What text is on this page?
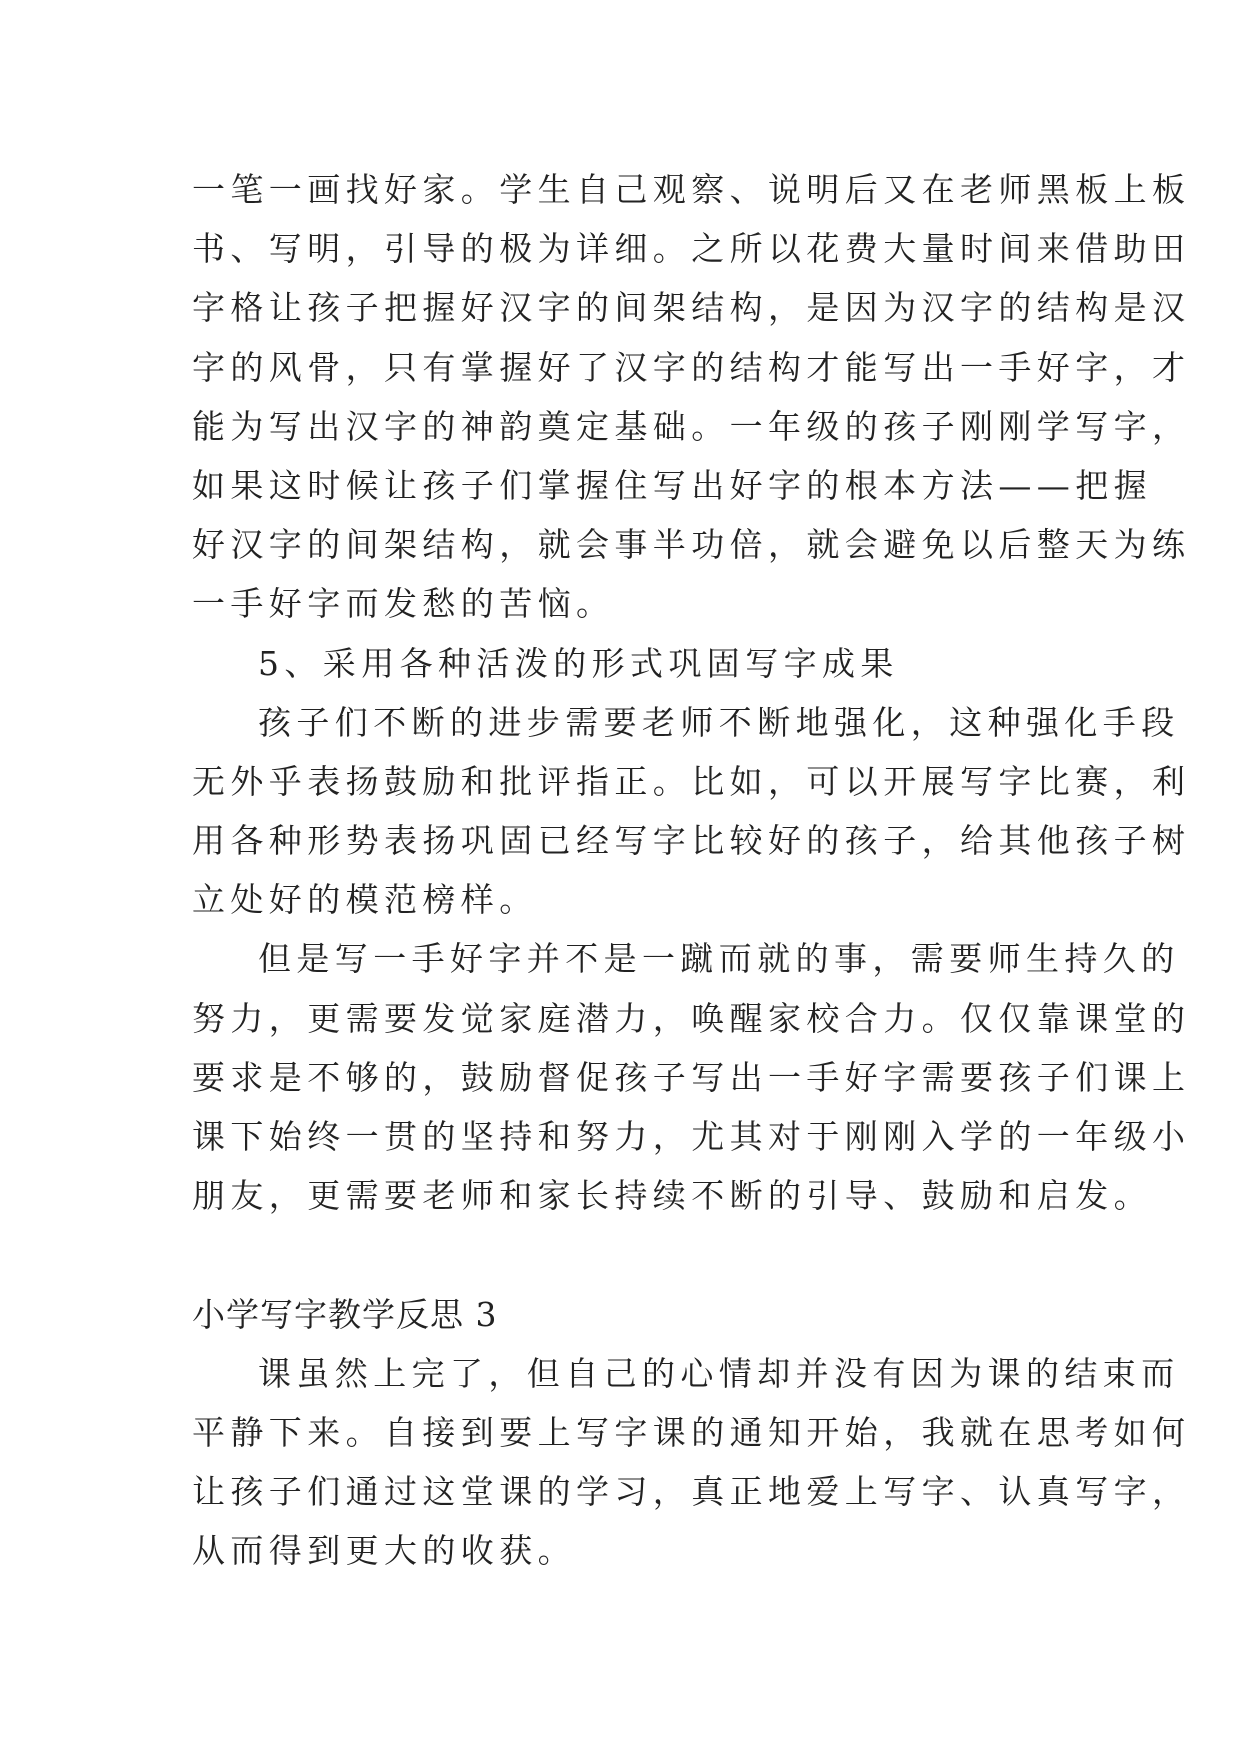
一笔一画找好家。学生自己观察、说明后又在老师黑板上板
书、写明，引导的极为详细。之所以花费大量时间来借助田
字格让孩子把握好汉字的间架结构，是因为汉字的结构是汉
字的风骨，只有掌握好了汉字的结构才能写出一手好字，才
能为写出汉字的神韵奠定基础。一年级的孩子刚刚学写字，
如果这时候让孩子们掌握住写出好字的根本方法——把握
好汉字的间架结构，就会事半功倍，就会避免以后整天为练
一手好字而发愁的苦恼。
5、采用各种活泼的形式巩固写字成果
孩子们不断的进步需要老师不断地强化，这种强化手段
无外乎表扬鼓励和批评指正。比如，可以开展写字比赛，利
用各种形势表扬巩固已经写字比较好的孩子，给其他孩子树
立处好的模范榜样。
但是写一手好字并不是一蹴而就的事，需要师生持久的
努力，更需要发觉家庭潜力，唤醒家校合力。仅仅靠课堂的
要求是不够的，鼓励督促孩子写出一手好字需要孩子们课上
课下始终一贯的坚持和努力，尤其对于刚刚入学的一年级小
朋友，更需要老师和家长持续不断的引导、鼓励和启发。
小学写字教学反思 3
课虽然上完了，但自己的心情却并没有因为课的结束而
平静下来。自接到要上写字课的通知开始，我就在思考如何
让孩子们通过这堂课的学习，真正地爱上写字、认真写字，
从而得到更大的收获。
